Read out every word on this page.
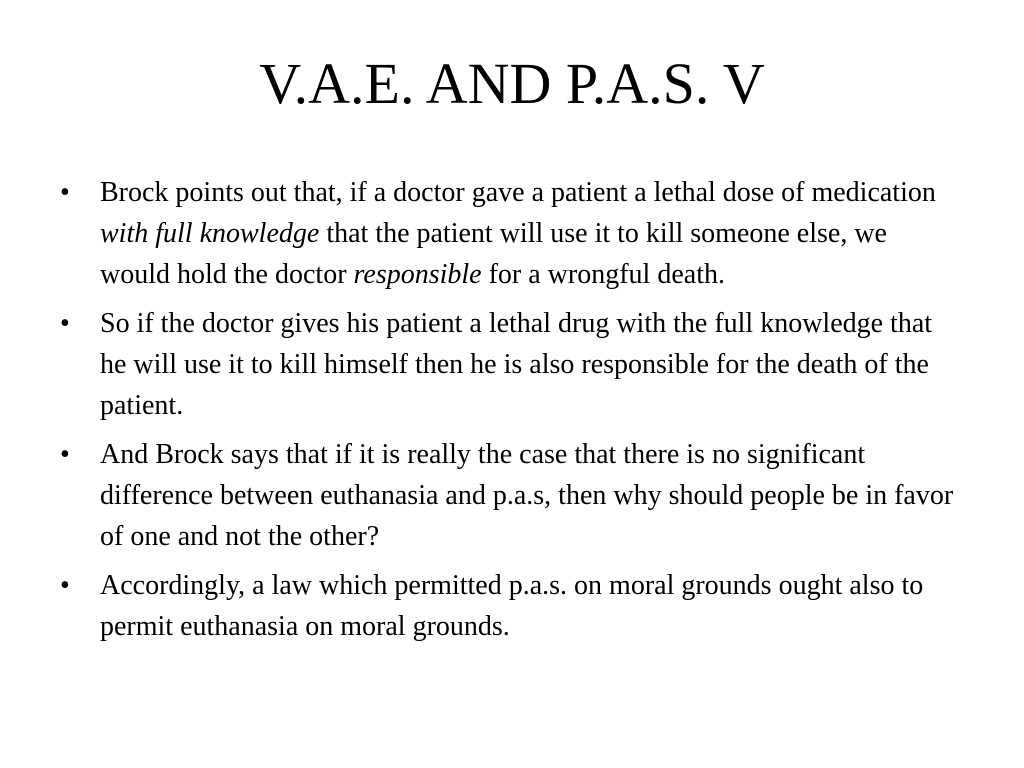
V.A.E. AND P.A.S. V
• Brock points out that, if a doctor gave a patient a lethal dose of medication with full knowledge that the patient will use it to kill someone else, we would hold the doctor responsible for a wrongful death.
• So if the doctor gives his patient a lethal drug with the full knowledge that he will use it to kill himself then he is also responsible for the death of the patient.
• And Brock says that if it is really the case that there is no significant difference between euthanasia and p.a.s, then why should people be in favor of one and not the other?
• Accordingly, a law which permitted p.a.s. on moral grounds ought also to permit euthanasia on moral grounds.
